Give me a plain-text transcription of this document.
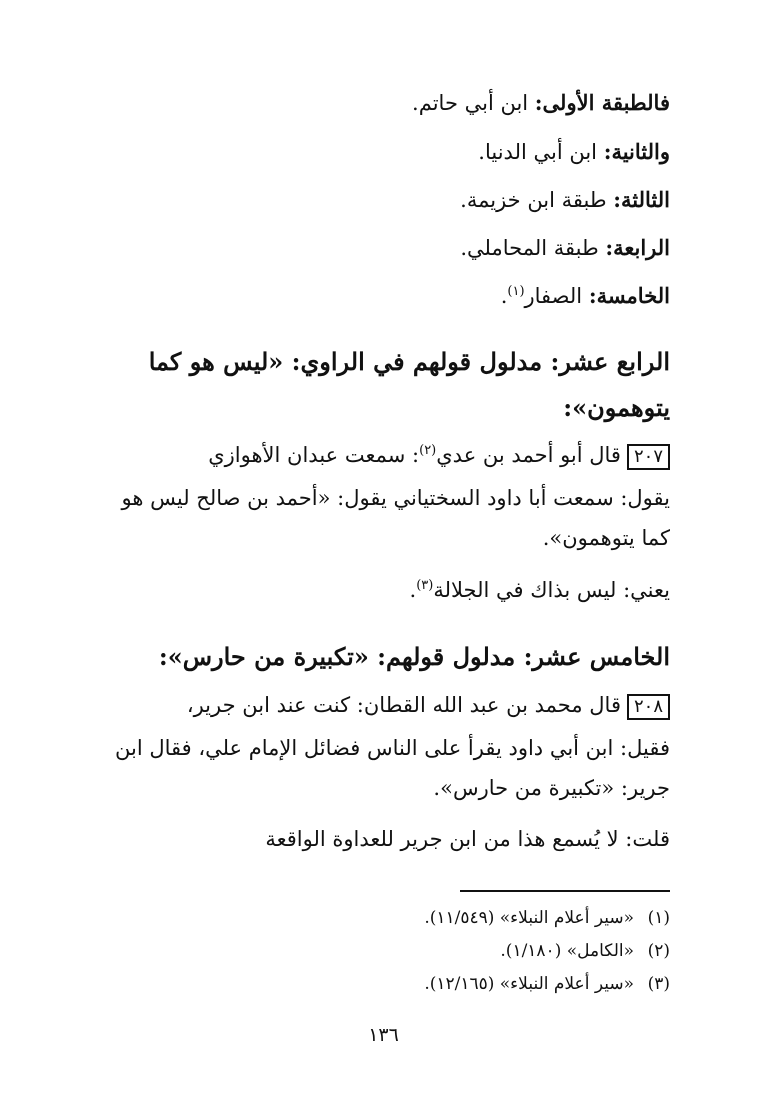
فالطبقة الأولى: ابن أبي حاتم.
والثانية: ابن أبي الدنيا.
الثالثة: طبقة ابن خزيمة.
الرابعة: طبقة المحاملي.
الخامسة: الصفار$^{(١)}$.
الرابع عشر: مدلول قولهم في الراوي: «ليس هو كما
يتوهمون»:
٢٠٧قال أبو أحمد بن عدي$^{(٢)}$: سمعت عبدان الأهوازي
يقول: سمعت أبا داود السختياني يقول: «أحمد بن صالح ليس هو
كما يتوهمون».
يعني: ليس بذاك في الجلالة$^{(٣)}$.
الخامس عشر: مدلول قولهم: «تكبيرة من حارس»:
٢٠٨قال محمد بن عبد الله القطان: كنت عند ابن جرير،
فقيل: ابن أبي داود يقرأ على الناس فضائل الإمام علي، فقال ابن
جرير: «تكبيرة من حارس».
قلت: لا يُسمع هذا من ابن جرير للعداوة الواقعة
(١)«سير أعلام النبلاء» (١١/٥٤٩).
(٢)«الكامل» (١/١٨٠).
(٣)«سير أعلام النبلاء» (١٢/١٦٥).
١٣٦
